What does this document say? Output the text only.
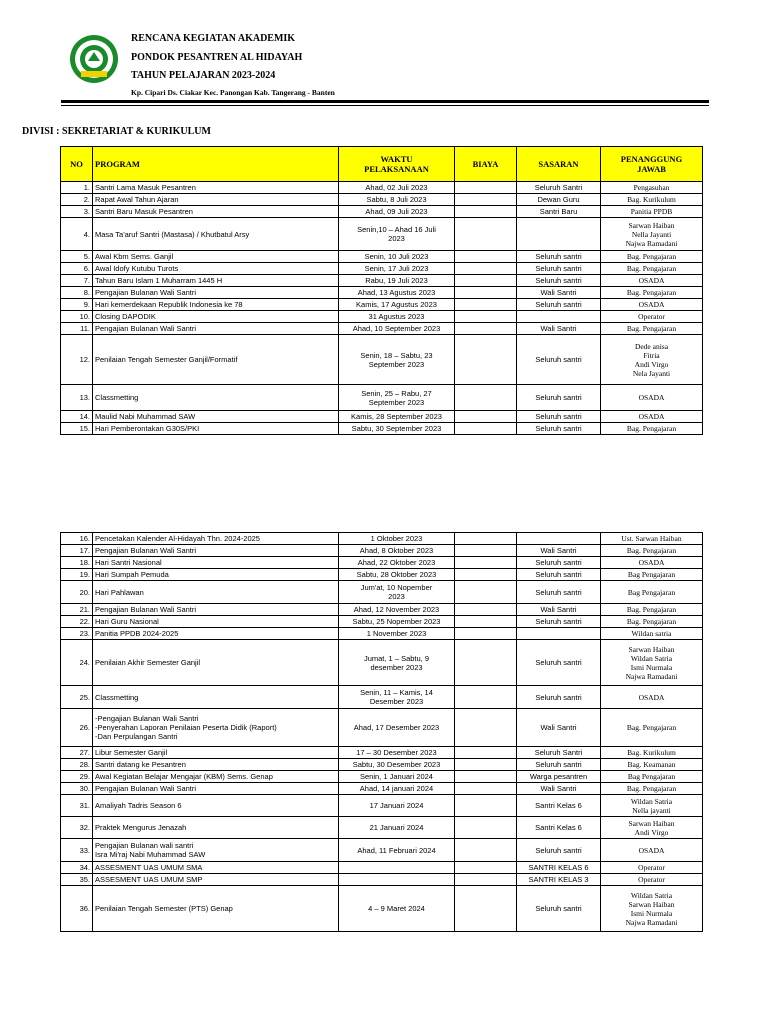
RENCANA KEGIATAN AKADEMIK
PONDOK PESANTREN AL HIDAYAH
TAHUN PELAJARAN 2023-2024
Kp. Cipari Ds. Ciakar Kec. Panongan Kab. Tangerang - Banten
DIVISI : SEKRETARIAT & KURIKULUM
NO	PROGRAM	WAKTU
PELAKSANAAN	BIAYA	SASARAN	PENANGGUNG
JAWAB
1.	Santri Lama Masuk Pesantren	Ahad, 02 Juli 2023		Seluruh Santri	Pengasuhan
2.	Rapat Awal Tahun Ajaran	Sabtu, 8 Juli 2023		Dewan Guru	Bag. Kurikulum
3.	Santri Baru Masuk Pesantren	Ahad, 09 Juli 2023		Santri Baru	Panitia PPDB
4.	Masa Ta'aruf Santri (Mastasa) / Khutbatul Arsy	Senin,10 – Ahad 16 Juli
2023			Sarwan Haiban
Nella Jayanti
Najwa Ramadani
5.	Awal Kbm Sems. Ganjil	Senin, 10 Juli 2023		Seluruh santri	Bag. Pengajaran
6.	Awal Idofy Kutubu Turots	Senin, 17 Juli 2023		Seluruh santri	Bag. Pengajaran
7.	Tahun Baru Islam 1 Muharram 1445 H	Rabu, 19 Juli 2023		Seluruh santri	OSADA
8.	Pengajian Bulanan Wali Santri	Ahad, 13 Agustus 2023		Wali Santri	Bag. Pengajaran
9.	Hari kemerdekaan Republik Indonesia ke 78	Kamis, 17 Agustus 2023		Seluruh santri	OSADA
10.	Closing DAPODIK	31 Agustus 2023			Operator
11.	Pengajian Bulanan Wali Santri	Ahad, 10 September 2023		Wali Santri	Bag. Pengajaran
12.	Penilaian Tengah Semester Ganjil/Formatif	Senin, 18 – Sabtu, 23
September 2023		Seluruh santri	Dede anisa
Fitria
Andi Virgo
Nela Jayanti
13.	Classmetting	Senin, 25 – Rabu, 27
September 2023		Seluruh santri	OSADA
14.	Maulid Nabi Muhammad SAW	Kamis, 28 September 2023		Seluruh santri	OSADA
15.	Hari Pemberontakan G30S/PKI	Sabtu, 30 September 2023		Seluruh santri	Bag. Pengajaran
16.	Pencetakan Kalender Al-Hidayah Thn. 2024-2025	1 Oktober 2023			Ust. Sarwan Haiban
17.	Pengajian Bulanan Wali Santri	Ahad, 8 Oktober 2023		Wali Santri	Bag. Pengajaran
18.	Hari Santri Nasional	Ahad, 22 Oktober 2023		Seluruh santri	OSADA
19.	Hari Sumpah Pemuda	Sabtu, 28 Oktober 2023		Seluruh santri	Bag Pengajaran
20.	Hari Pahlawan	Jum'at, 10 Nopember
2023		Seluruh santri	Bag Pengajaran
21.	Pengajian Bulanan Wali Santri	Ahad, 12 November 2023		Wali Santri	Bag. Pengajaran
22.	Hari Guru Nasional	Sabtu, 25 Nopember 2023		Seluruh santri	Bag. Pengajaran
23.	Panitia PPDB 2024-2025	1 November 2023			Wildan satria
24.	Penilaian Akhir Semester Ganjil	Jumat, 1 – Sabtu, 9
desember 2023		Seluruh santri	Sarwan Haiban
Wildan Satria
Ismi Nurmala
Najwa Ramadani
25.	Classmetting	Senin, 11 – Kamis, 14
Desember 2023		Seluruh santri	OSADA
26.	-Pengajian Bulanan Wali Santri
-Penyerahan Laporan Penilaian Peserta Didik (Raport)
-Dan Perpulangan Santri	Ahad, 17 Desember 2023		Wali Santri	Bag. Pengajaran
27.	Libur Semester Ganjil	17 – 30 Desember 2023		Seluruh Santri	Bag. Kurikulum
28.	Santri datang ke Pesantren	Sabtu, 30 Desember 2023		Seluruh santri	Bag. Keamanan
29.	Awal Kegiatan Belajar Mengajar (KBM) Sems. Genap	Senin, 1 Januari 2024		Warga pesantren	Bag Pengajaran
30.	Pengajian Bulanan Wali Santri	Ahad, 14 januari 2024		Wali Santri	Bag. Pengajaran
31.	Amaliyah Tadris Season 6	17 Januari 2024		Santri Kelas 6	Wildan Satria
Nella jayanti
32.	Praktek Mengurus Jenazah	21 Januari 2024		Santri Kelas 6	Sarwan Haiban
Andi Virgo
33.	Pengajian Bulanan wali santri
Isra Mi'raj Nabi Muhammad SAW	Ahad, 11 Februari 2024		Seluruh santri	OSADA
34.	ASSESMENT UAS UMUM SMA			SANTRI KELAS 6	Operator
35.	ASSESMENT UAS UMUM SMP			SANTRI KELAS 3	Operator
36.	Penilaian Tengah Semester (PTS) Genap	4 – 9 Maret 2024		Seluruh santri	Wildan Satria
Sarwan Haiban
Ismi Nurmala
Najwa Ramadani
